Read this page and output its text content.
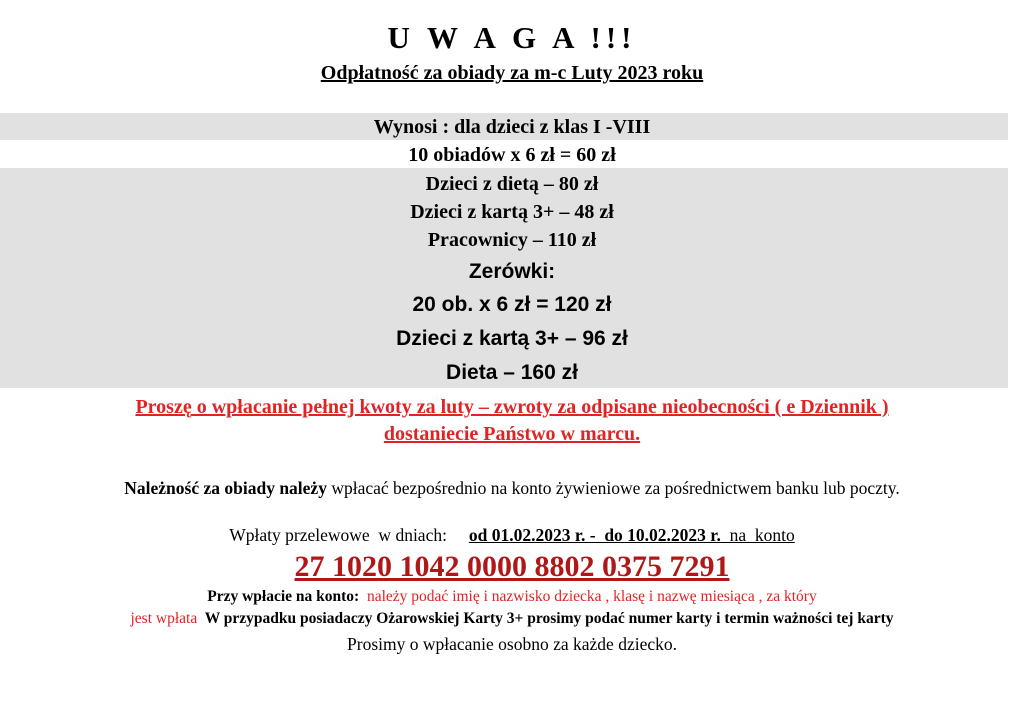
U W A G A !!!
Odpłatność za obiady za m-c Luty 2023 roku
Wynosi : dla dzieci z klas I -VIII
10 obiadów x 6 zł = 60 zł
Dzieci z dietą – 80 zł
Dzieci z kartą 3+ – 48 zł
Pracownicy – 110 zł
Zerówki:
20 ob. x 6 zł = 120 zł
Dzieci z kartą 3+ – 96 zł
Dieta – 160 zł
Proszę o wpłacanie pełnej kwoty za luty – zwroty za odpisane nieobecności ( e Dziennik )
dostaniecie Państwo w marcu.
Należność za obiady należy wpłacać bezpośrednio na konto żywieniowe za pośrednictwem banku lub poczty.
Wpłaty przelewowe  w dniach:     od 01.02.2023 r. -  do 10.02.2023 r.  na  konto
27 1020 1042 0000 8802 0375 7291
Przy wpłacie na konto:  należy podać imię i nazwisko dziecka , klasę i nazwę miesiąca , za który
jest wpłata  W przypadku posiadaczy Ożarowskiej Karty 3+ prosimy podać numer karty i termin ważności tej karty
Prosimy o wpłacanie osobno za każde dziecko.
